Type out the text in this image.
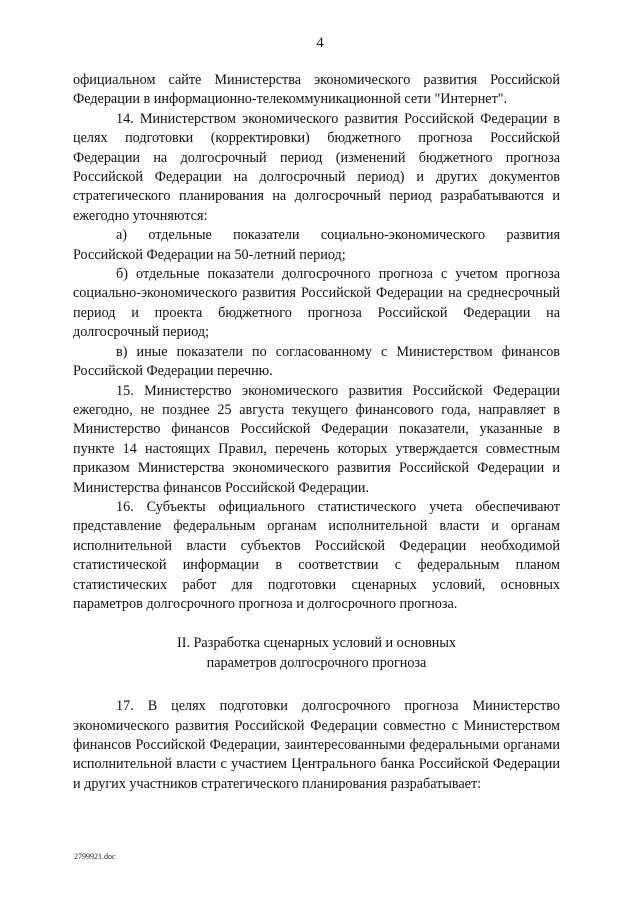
4

официальном сайте Министерства экономического развития Российской Федерации в информационно-телекоммуникационной сети "Интернет".

14. Министерством экономического развития Российской Федерации в целях подготовки (корректировки) бюджетного прогноза Российской Федерации на долгосрочный период (изменений бюджетного прогноза Российской Федерации на долгосрочный период) и других документов стратегического планирования на долгосрочный период разрабатываются и ежегодно уточняются:

а) отдельные показатели социально-экономического развития Российской Федерации на 50-летний период;

б) отдельные показатели долгосрочного прогноза с учетом прогноза социально-экономического развития Российской Федерации на среднесрочный период и проекта бюджетного прогноза Российской Федерации на долгосрочный период;

в) иные показатели по согласованному с Министерством финансов Российской Федерации перечню.

15. Министерство экономического развития Российской Федерации ежегодно, не позднее 25 августа текущего финансового года, направляет в Министерство финансов Российской Федерации показатели, указанные в пункте 14 настоящих Правил, перечень которых утверждается совместным приказом Министерства экономического развития Российской Федерации и Министерства финансов Российской Федерации.

16. Субъекты официального статистического учета обеспечивают представление федеральным органам исполнительной власти и органам исполнительной власти субъектов Российской Федерации необходимой статистической информации в соответствии с федеральным планом статистических работ для подготовки сценарных условий, основных параметров долгосрочного прогноза и долгосрочного прогноза.

II. Разработка сценарных условий и основных
параметров долгосрочного прогноза

17. В целях подготовки долгосрочного прогноза Министерство экономического развития Российской Федерации совместно с Министерством финансов Российской Федерации, заинтересованными федеральными органами исполнительной власти с участием Центрального банка Российской Федерации и других участников стратегического планирования разрабатывает:

2799921.doc
